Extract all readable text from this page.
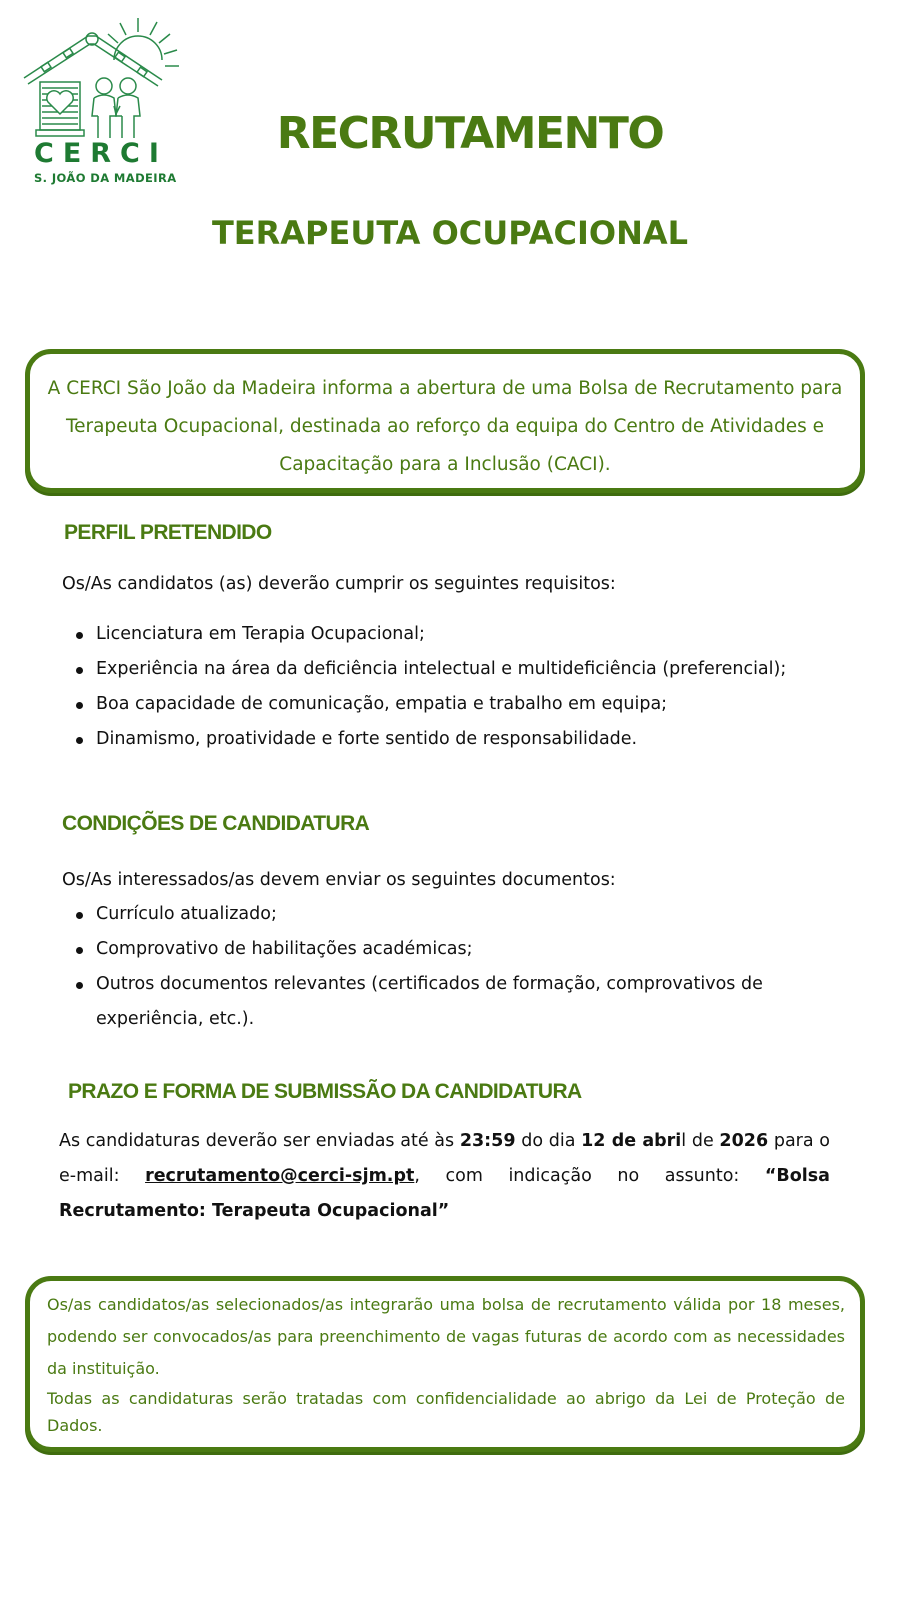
CERCI
S. JOÃO DA MADEIRA
RECRUTAMENTO
TERAPEUTA OCUPACIONAL

A CERCI São João da Madeira informa a abertura de uma Bolsa de Recrutamento para Terapeuta Ocupacional, destinada ao reforço da equipa do Centro de Atividades e Capacitação para a Inclusão (CACI).

PERFIL PRETENDIDO

Os/As candidatos (as) deverão cumprir os seguintes requisitos:

Licenciatura em Terapia Ocupacional;
Experiência na área da deficiência intelectual e multideficiência (preferencial);
Boa capacidade de comunicação, empatia e trabalho em equipa;
Dinamismo, proatividade e forte sentido de responsabilidade.
CONDIÇÕES DE CANDIDATURA

Os/As interessados/as devem enviar os seguintes documentos:

Currículo atualizado;
Comprovativo de habilitações académicas;
Outros documentos relevantes (certificados de formação, comprovativos de experiência, etc.).
PRAZO E FORMA DE SUBMISSÃO DA CANDIDATURA

As candidaturas deverão ser enviadas até às 23:59 do dia 12 de abril de 2026 para o e-mail: recrutamento@cerci-sjm.pt, com indicação no assunto: “Bolsa Recrutamento: Terapeuta Ocupacional”

Os/as candidatos/as selecionados/as integrarão uma bolsa de recrutamento válida por 18 meses, podendo ser convocados/as para preenchimento de vagas futuras de acordo com as necessidades da instituição.

Todas as candidaturas serão tratadas com confidencialidade ao abrigo da Lei de Proteção de Dados.
